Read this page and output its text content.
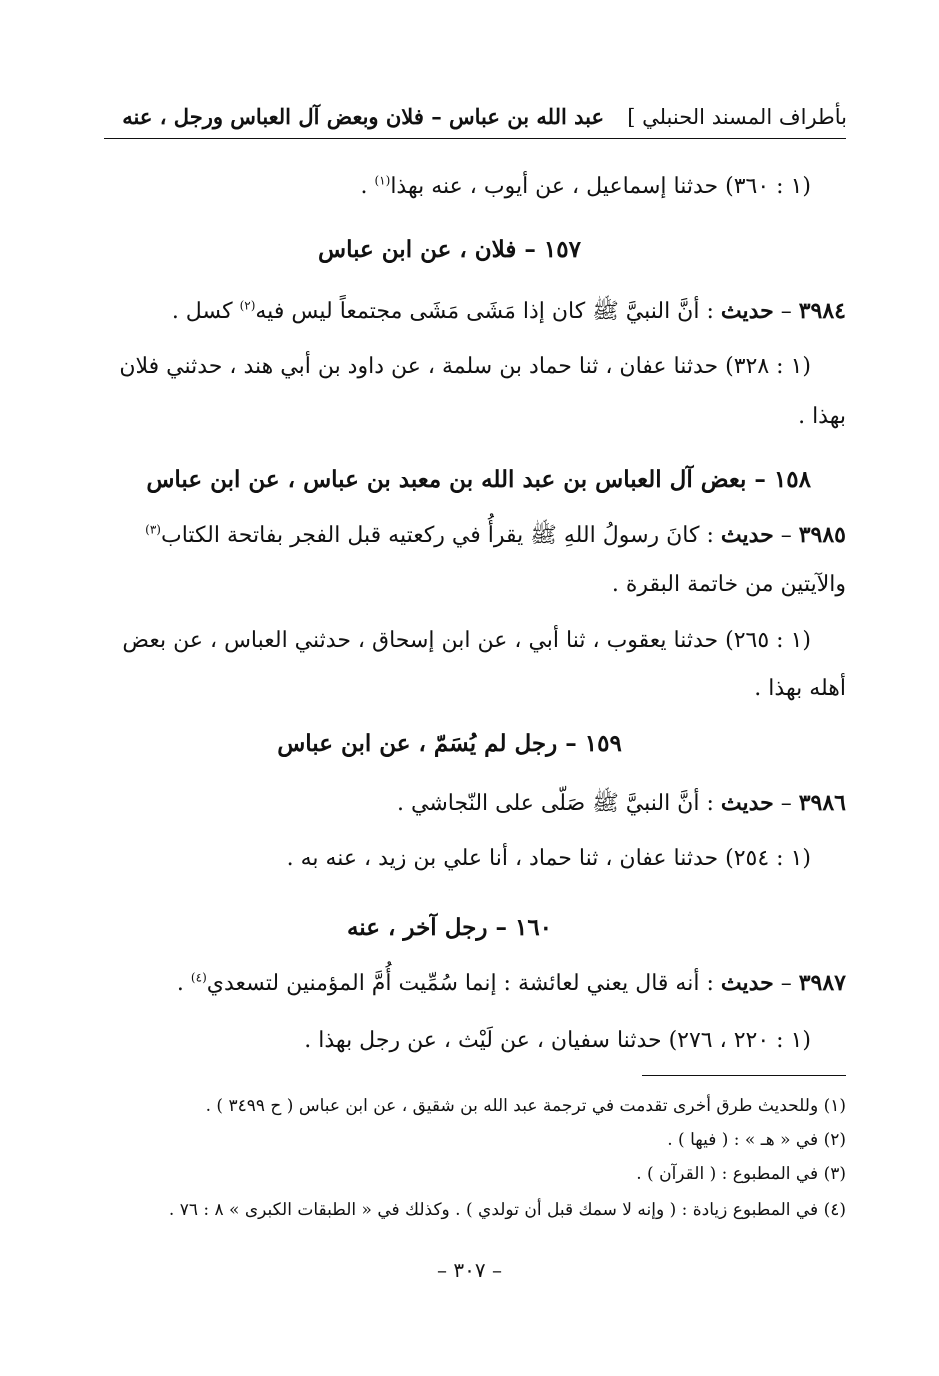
بأطراف المسند الحنبلي ]
عبد الله بن عباس – فلان وبعض آل العباس ورجل ، عنه
(١ : ٣٦٠) حدثنا إسماعيل ، عن أيوب ، عنه بهذا$^{(١)}$ .
١٥٧ – فلان ، عن ابن عباس
٣٩٨٤ – حديث : أنَّ النبيَّ ﷺ كان إذا مَشَى مَشَى مجتمعاً ليس فيه$^{(٢)}$ كسل .
(١ : ٣٢٨) حدثنا عفان ، ثنا حماد بن سلمة ، عن داود بن أبي هند ، حدثني فلان
بهذا .
١٥٨ – بعض آل العباس بن عبد الله بن معبد بن عباس ، عن ابن عباس
٣٩٨٥ – حديث : كانَ رسولُ اللهِ ﷺ يقرأُ في ركعتيه قبل الفجر بفاتحة الكتاب$^{(٣)}$
والآيتين من خاتمة البقرة .
(١ : ٢٦٥) حدثنا يعقوب ، ثنا أبي ، عن ابن إسحاق ، حدثني العباس ، عن بعض
أهله بهذا .
١٥٩ – رجل لم يُسَمّ ، عن ابن عباس
٣٩٨٦ – حديث : أنَّ النبيَّ ﷺ صَلّى على النّجاشي .
(١ : ٢٥٤) حدثنا عفان ، ثنا حماد ، أنا علي بن زيد ، عنه به .
١٦٠ – رجل آخر ، عنه
٣٩٨٧ – حديث : أنه قال يعني لعائشة : إنما سُمِّيت أُمَّ المؤمنين لتسعدي$^{(٤)}$ .
(١ : ٢٢٠ ، ٢٧٦) حدثنا سفيان ، عن لَيْث ، عن رجل بهذا .
(١) وللحديث طرق أخرى تقدمت في ترجمة عبد الله بن شقيق ، عن ابن عباس ( ح ٣٤٩٩ ) .
(٢) في « هـ » : ( فيها ) .
(٣) في المطبوع : ( القرآن ) .
(٤) في المطبوع زيادة : ( وإنه لا سمك قبل أن تولدي ) . وكذلك في « الطبقات الكبرى » ٨ : ٧٦ .
– ٣٠٧ –
